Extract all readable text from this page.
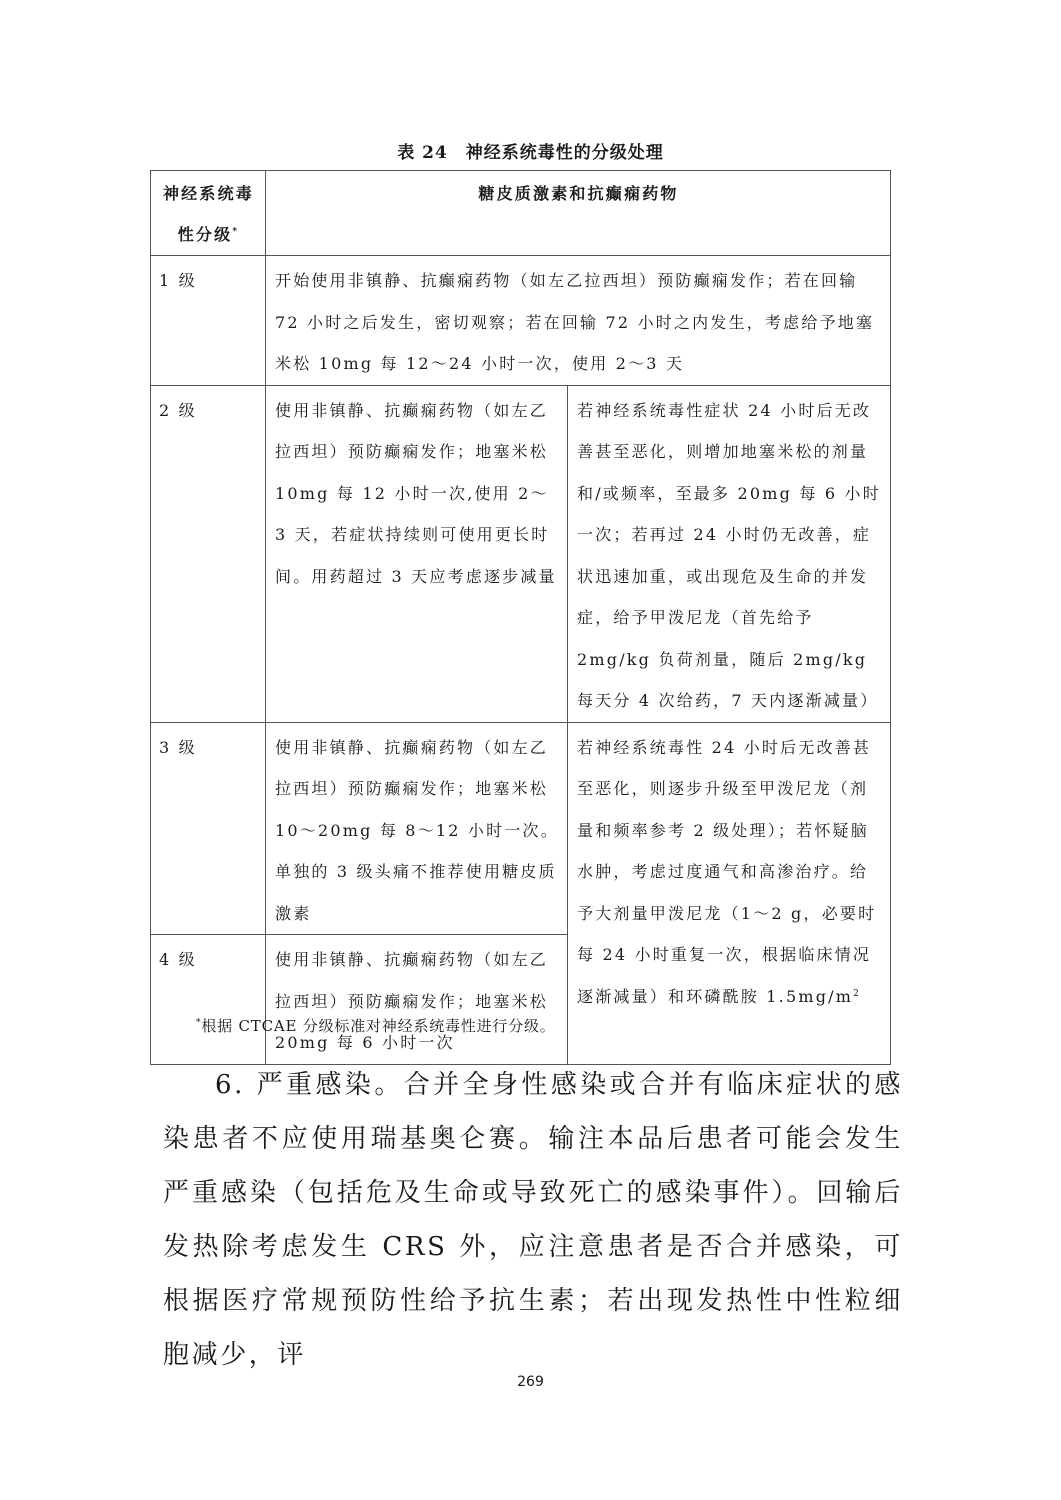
表 24　神经系统毒性的分级处理
神经系统毒性分级*	糖皮质激素和抗癫痫药物	
1 级	开始使用非镇静、抗癫痫药物（如左乙拉西坦）预防癫痫发作；若在回输 72 小时之后发生，密切观察；若在回输 72 小时之内发生，考虑给予地塞米松 10mg 每 12～24 小时一次，使用 2～3 天	
2 级	使用非镇静、抗癫痫药物（如左乙拉西坦）预防癫痫发作；地塞米松 10mg 每 12 小时一次,使用 2～3 天，若症状持续则可使用更长时间。用药超过 3 天应考虑逐步减量	若神经系统毒性症状 24 小时后无改善甚至恶化，则增加地塞米松的剂量和/或频率，至最多 20mg 每 6 小时一次；若再过 24 小时仍无改善，症状迅速加重，或出现危及生命的并发症，给予甲泼尼龙（首先给予 2mg/kg 负荷剂量，随后 2mg/kg 每天分 4 次给药，7 天内逐渐减量）
3 级	使用非镇静、抗癫痫药物（如左乙拉西坦）预防癫痫发作；地塞米松 10～20mg 每 8～12 小时一次。单独的 3 级头痛不推荐使用糖皮质激素	若神经系统毒性 24 小时后无改善甚至恶化，则逐步升级至甲泼尼龙（剂量和频率参考 2 级处理）；若怀疑脑水肿，考虑过度通气和高渗治疗。给予大剂量甲泼尼龙（1～2 g，必要时每 24 小时重复一次，根据临床情况逐渐减量）和环磷酰胺 $1.5mg/m^2$
4 级	使用非镇静、抗癫痫药物（如左乙拉西坦）预防癫痫发作；地塞米松 20mg 每 6 小时一次	
*根据 CTCAE 分级标准对神经系统毒性进行分级。
6. 严重感染。合并全身性感染或合并有临床症状的感染患者不应使用瑞基奥仑赛。输注本品后患者可能会发生严重感染（包括危及生命或导致死亡的感染事件）。回输后发热除考虑发生 CRS 外，应注意患者是否合并感染，可根据医疗常规预防性给予抗生素；若出现发热性中性粒细胞减少，评
269
